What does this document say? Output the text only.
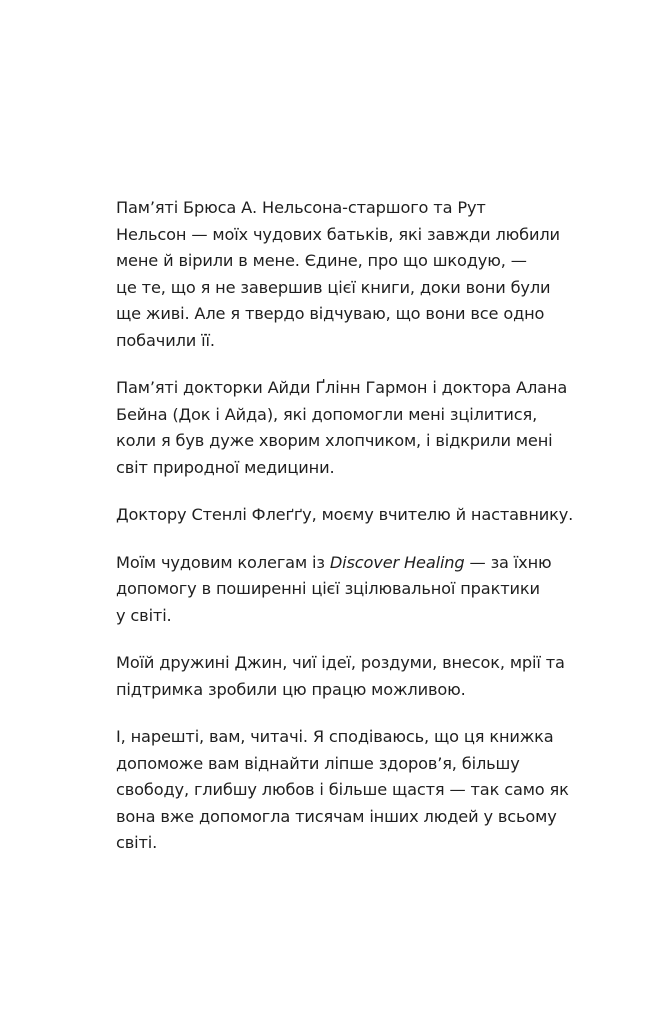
Пам’яті Брюса А. Нельсона-старшого та Рут
Нельсон — моїх чудових батьків, які завжди любили
мене й вірили в мене. Єдине, про що шкодую, —
це те, що я не завершив цієї книги, доки вони були
ще живі. Але я твердо відчуваю, що вони все одно
побачили її.

Пам’яті докторки Айди Ґлінн Гармон і доктора Алана
Бейна (Док і Айда), які допомогли мені зцілитися,
коли я був дуже хворим хлопчиком, і відкрили мені
світ природної медицини.

Доктору Стенлі Флеґґу, моєму вчителю й наставнику.

Моїм чудовим колегам із Discover Healing — за їхню
допомогу в поширенні цієї зцілювальної практики
у світі.

Моїй дружині Джин, чиї ідеї, роздуми, внесок, мрії та
підтримка зробили цю працю можливою.

І, нарешті, вам, читачі. Я сподіваюсь, що ця книжка
допоможе вам віднайти ліпше здоров’я, більшу
свободу, глибшу любов і більше щастя — так само як
вона вже допомогла тисячам інших людей у всьому
світі.
